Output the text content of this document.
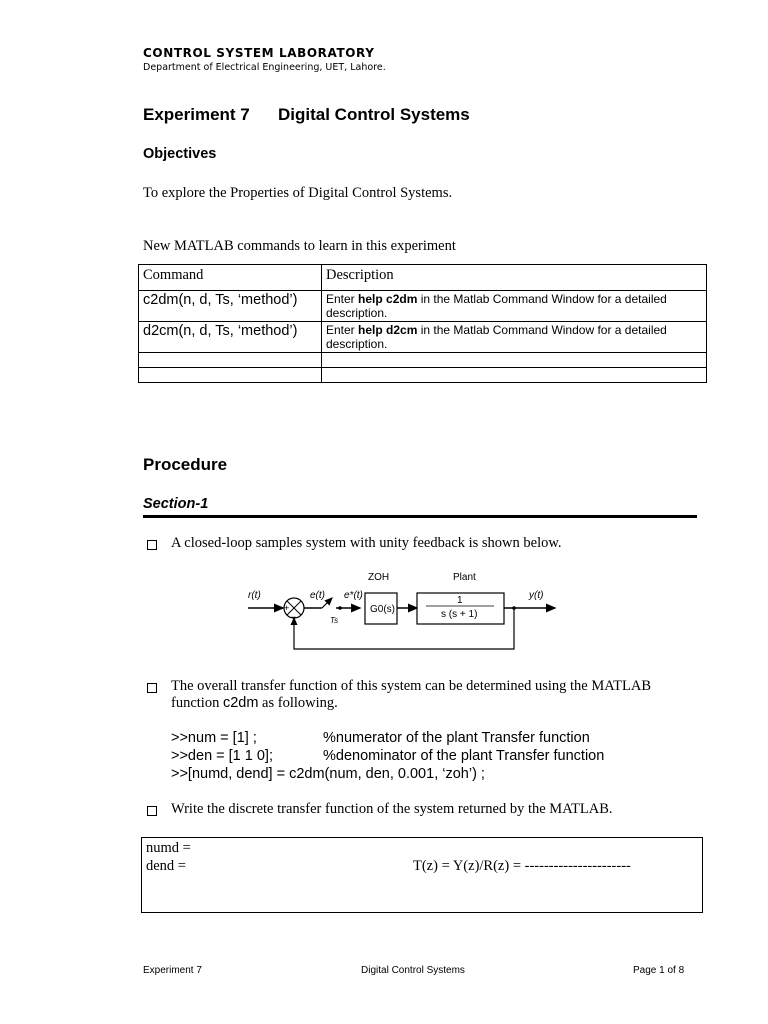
CONTROL SYSTEM LABORATORY
Department of Electrical Engineering, UET, Lahore.
Experiment 7 Digital Control Systems
Objectives
To explore the Properties of Digital Control Systems.
New MATLAB commands to learn in this experiment
Command	Description
c2dm(n, d, Ts, ‘method’)	Enter help c2dm in the Matlab Command Window for a detailed description.
d2cm(n, d, Ts, ‘method’)	Enter help d2cm in the Matlab Command Window for a detailed description.

Procedure
Section-1
A closed-loop samples system with unity feedback is shown below.
ZOH	Plant
r(t)
+
−
e(t)
Ts
e*(t)
G0(s)
1
s (s + 1)
y(t)
The overall transfer function of this system can be determined using the MATLAB
function c2dm as following.
>>num = [1] ;	%numerator of the plant Transfer function
>>den = [1 1 0];	%denominator of the plant Transfer function
>>[numd, dend] = c2dm(num, den, 0.001, ‘zoh’) ;
Write the discrete transfer function of the system returned by the MATLAB.
numd =
dend =	T(z) = Y(z)/R(z) = ----------------------
Experiment 7	Digital Control Systems	Page 1 of 8
